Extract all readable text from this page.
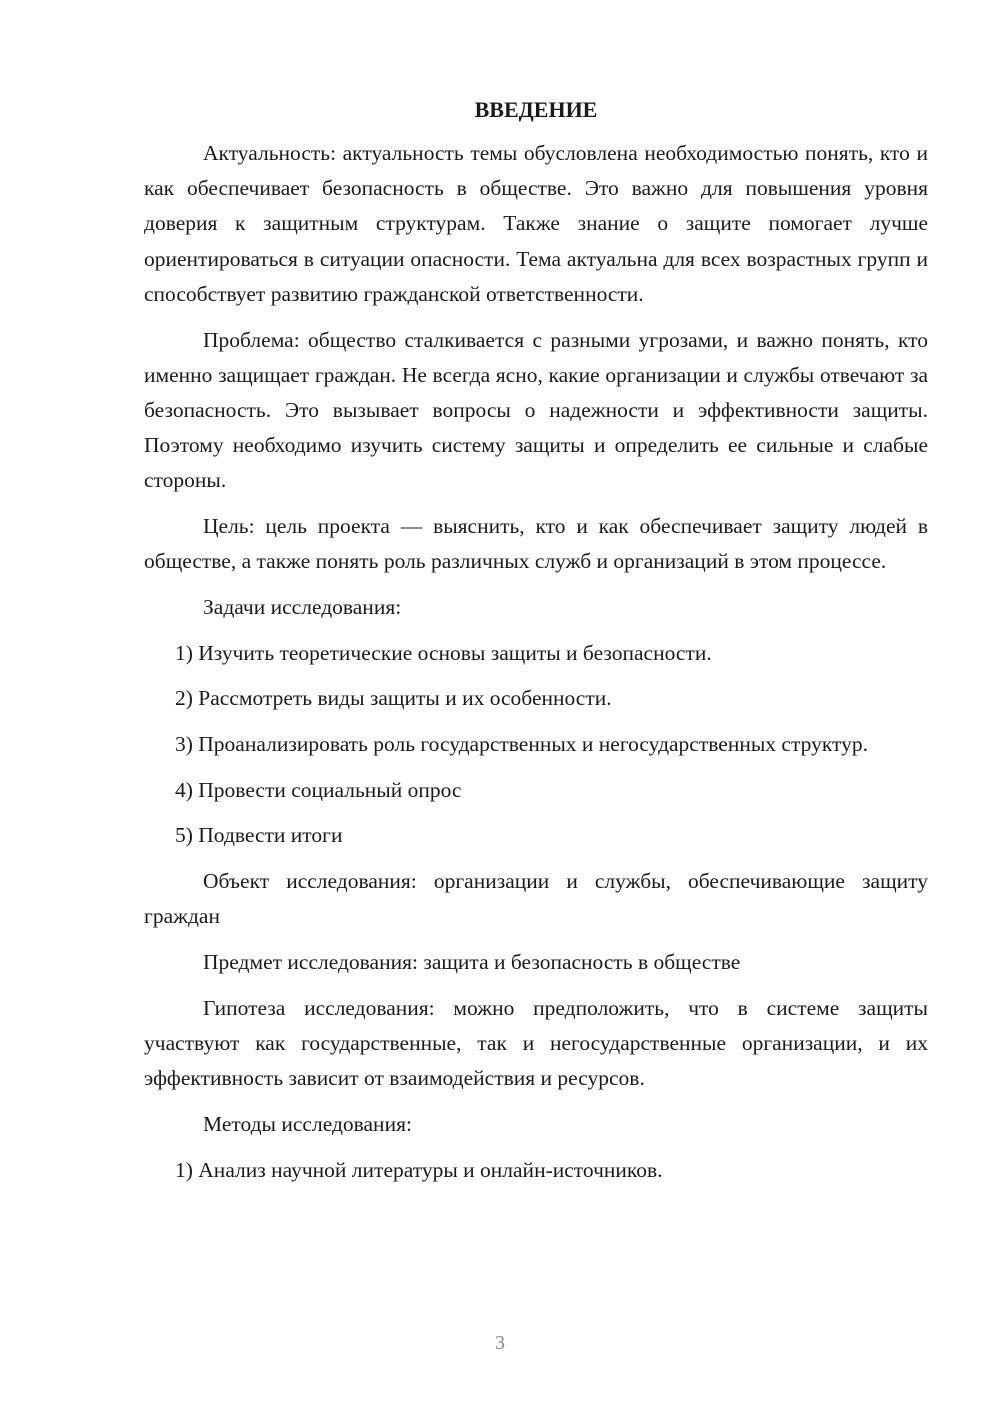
ВВЕДЕНИЕ

Актуальность: актуальность темы обусловлена необходимостью понять, кто и как обеспечивает безопасность в обществе. Это важно для повышения уровня доверия к защитным структурам. Также знание о защите помогает лучше ориентироваться в ситуации опасности. Тема актуальна для всех возрастных групп и способствует развитию гражданской ответственности.

Проблема: общество сталкивается с разными угрозами, и важно понять, кто именно защищает граждан. Не всегда ясно, какие организации и службы отвечают за безопасность. Это вызывает вопросы о надежности и эффективности защиты. Поэтому необходимо изучить систему защиты и определить ее сильные и слабые стороны.

Цель: цель проекта — выяснить, кто и как обеспечивает защиту людей в обществе, а также понять роль различных служб и организаций в этом процессе.

Задачи исследования:

1) Изучить теоретические основы защиты и безопасности.

2) Рассмотреть виды защиты и их особенности.

3) Проанализировать роль государственных и негосударственных структур.

4) Провести социальный опрос

5) Подвести итоги

Объект исследования: организации и службы, обеспечивающие защиту граждан

Предмет исследования: защита и безопасность в обществе

Гипотеза исследования: можно предположить, что в системе защиты участвуют как государственные, так и негосударственные организации, и их эффективность зависит от взаимодействия и ресурсов.

Методы исследования:

1) Анализ научной литературы и онлайн-источников.

3
